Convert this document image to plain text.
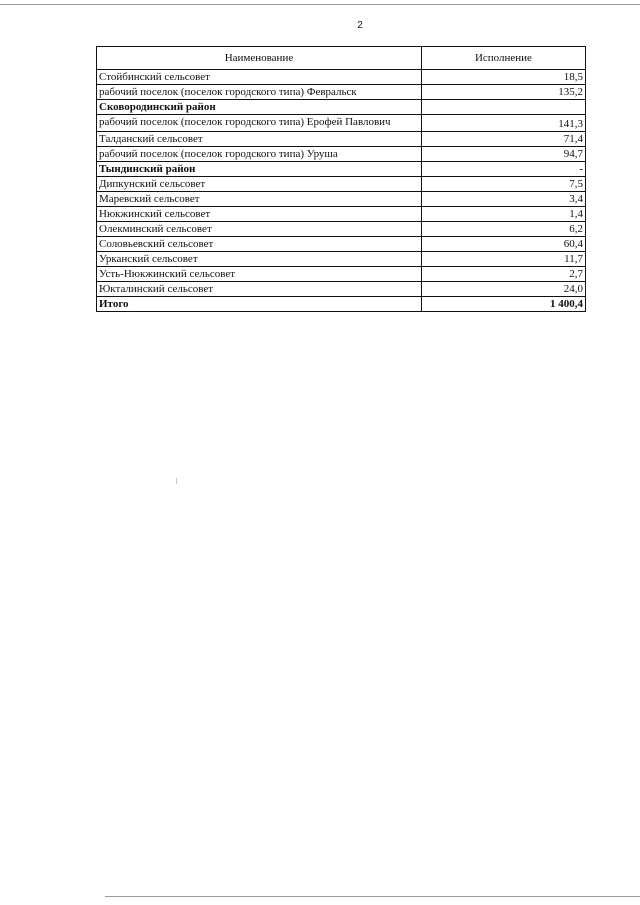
2
Наименование	Исполнение
Стойбинский сельсовет	18,5
рабочий поселок (поселок городского типа) Февральск	135,2
Сковородинский район	
рабочий поселок (поселок городского типа) Ерофей Павлович	141,3
Талданский сельсовет	71,4
рабочий поселок (поселок городского типа) Уруша	94,7
Тындинский район	-
Дипкунский сельсовет	7,5
Маревский сельсовет	3,4
Нюкжинский сельсовет	1,4
Олекминский сельсовет	6,2
Соловьевский сельсовет	60,4
Урканский сельсовет	11,7
Усть-Нюкжинский сельсовет	2,7
Юкталинский сельсовет	24,0
Итого	1 400,4
